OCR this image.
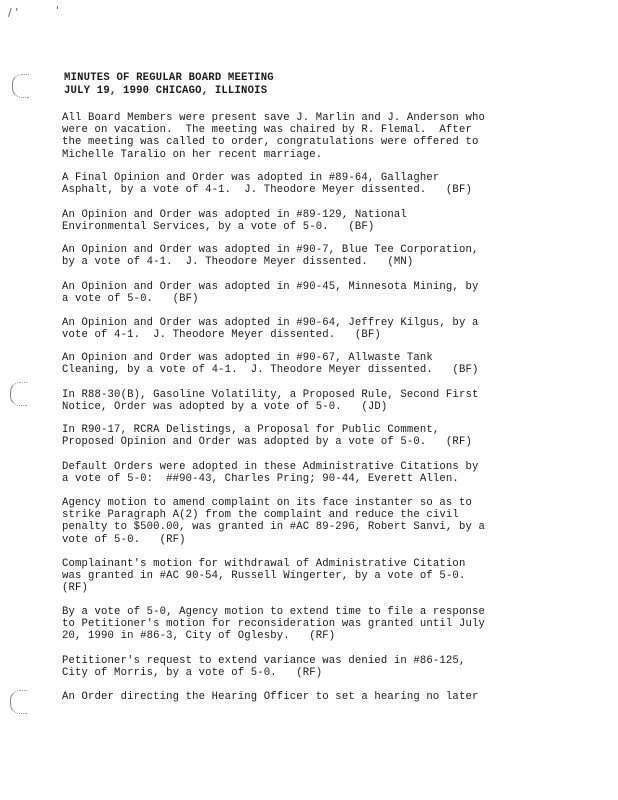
/ '	'
MINUTES OF REGULAR BOARD MEETING
JULY 19, 1990 CHICAGO, ILLINOIS

All Board Members were present save J. Marlin and J. Anderson who
were on vacation.  The meeting was chaired by R. Flemal.  After
the meeting was called to order, congratulations were offered to
Michelle Taralio on her recent marriage.

A Final Opinion and Order was adopted in #89-64, Gallagher
Asphalt, by a vote of 4-1.  J. Theodore Meyer dissented.   (BF)

An Opinion and Order was adopted in #89-129, National
Environmental Services, by a vote of 5-0.   (BF)

An Opinion and Order was adopted in #90-7, Blue Tee Corporation,
by a vote of 4-1.  J. Theodore Meyer dissented.   (MN)

An Opinion and Order was adopted in #90-45, Minnesota Mining, by
a vote of 5-0.   (BF)

An Opinion and Order was adopted in #90-64, Jeffrey Kilgus, by a
vote of 4-1.  J. Theodore Meyer dissented.   (BF)

An Opinion and Order was adopted in #90-67, Allwaste Tank
Cleaning, by a vote of 4-1.  J. Theodore Meyer dissented.   (BF)

In R88-30(B), Gasoline Volatility, a Proposed Rule, Second First
Notice, Order was adopted by a vote of 5-0.   (JD)

In R90-17, RCRA Delistings, a Proposal for Public Comment,
Proposed Opinion and Order was adopted by a vote of 5-0.   (RF)

Default Orders were adopted in these Administrative Citations by
a vote of 5-0:  ##90-43, Charles Pring; 90-44, Everett Allen.

Agency motion to amend complaint on its face instanter so as to
strike Paragraph A(2) from the complaint and reduce the civil
penalty to $500.00, was granted in #AC 89-296, Robert Sanvi, by a
vote of 5-0.   (RF)

Complainant's motion for withdrawal of Administrative Citation
was granted in #AC 90-54, Russell Wingerter, by a vote of 5-0.
(RF)

By a vote of 5-0, Agency motion to extend time to file a response
to Petitioner's motion for reconsideration was granted until July
20, 1990 in #86-3, City of Oglesby.   (RF)

Petitioner's request to extend variance was denied in #86-125,
City of Morris, by a vote of 5-0.   (RF)

An Order directing the Hearing Officer to set a hearing no later
